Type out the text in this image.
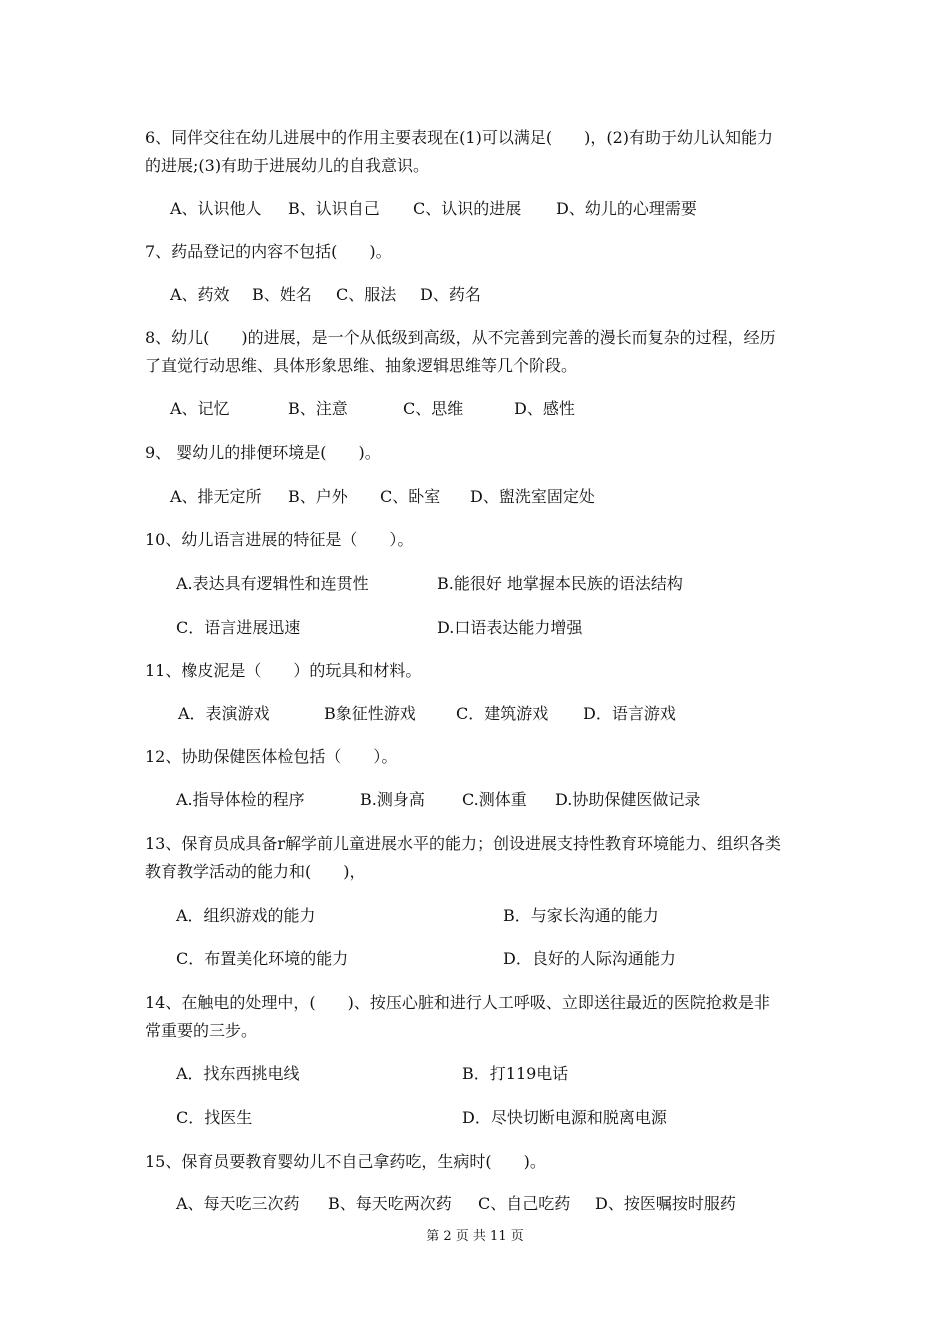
6、同伴交往在幼儿进展中的作用主要表现在(1)可以满足(　　)，(2)有助于幼儿认知能力
的进展;(3)有助于进展幼儿的自我意识。
A、认识他人 B、认识自己 C、认识的进展 D、幼儿的心理需要
7、药品登记的内容不包括(　　)。
A、药效 B、姓名 C、服法 D、药名
8、幼儿(　　)的进展，是一个从低级到高级，从不完善到完善的漫长而复杂的过程，经历
了直觉行动思维、具体形象思维、抽象逻辑思维等几个阶段。
A、记忆	B、注意	C、思维	D、感性
9、 婴幼儿的排便环境是(　　)。
A、排无定所 B、户外 C、卧室 D、盥洗室固定处
10、幼儿语言进展的特征是（　　）。
A.表达具有逻辑性和连贯性	B.能很好 地掌握本民族的语法结构
C．语言进展迅速	D.口语表达能力增强
11、橡皮泥是（　　）的玩具和材料。
A．表演游戏	B象征性游戏	C．建筑游戏 D．语言游戏
12、协助保健医体检包括（　　）。
A.指导体检的程序	B.测身高 C.测体重 D.协助保健医做记录
13、保育员成具备r解学前儿童进展水平的能力；创设进展支持性教育环境能力、组织各类
教育教学活动的能力和(　　)，
A．组织游戏的能力	B．与家长沟通的能力
C．布置美化环境的能力	D．良好的人际沟通能力
14、在触电的处理中，(　　)、按压心脏和进行人工呼吸、立即送往最近的医院抢救是非
常重要的三步。
A．找东西挑电线	B．打119电话
C．找医生	D．尽快切断电源和脱离电源
15、保育员要教育婴幼儿不自己拿药吃，生病时(　　)。
A、每天吃三次药 B、每天吃两次药 C、自己吃药 D、按医嘱按时服药
第 2 页 共 11 页
